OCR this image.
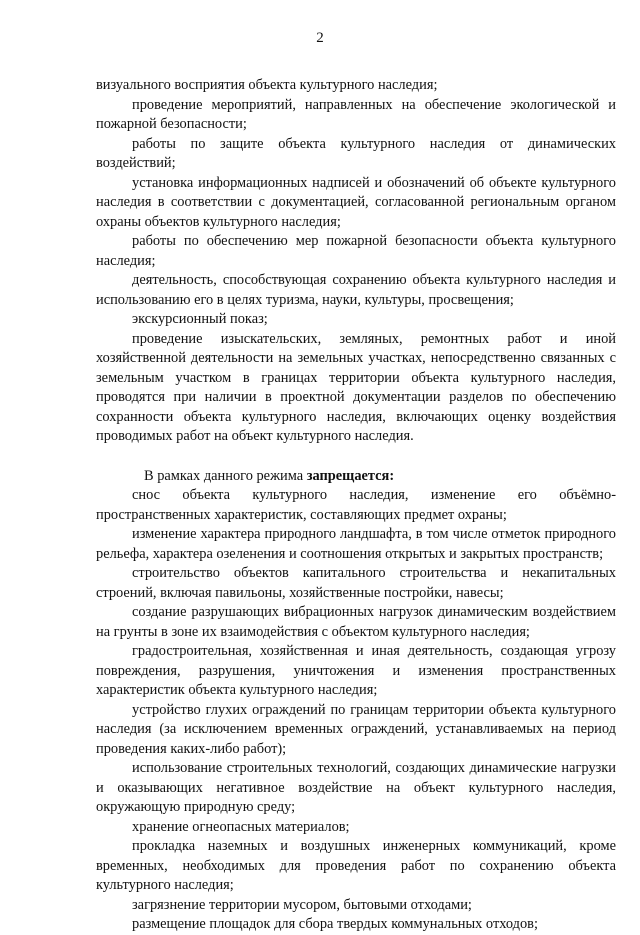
2

визуального восприятия объекта культурного наследия;

проведение мероприятий, направленных на обеспечение экологической и пожарной безопасности;

работы по защите объекта культурного наследия от динамических воздействий;

установка информационных надписей и обозначений об объекте культурного наследия в соответствии с документацией, согласованной региональным органом охраны объектов культурного наследия;

работы по обеспечению мер пожарной безопасности объекта культурного наследия;

деятельность, способствующая сохранению объекта культурного наследия и использованию его в целях туризма, науки, культуры, просвещения;

экскурсионный показ;

проведение изыскательских, земляных, ремонтных работ и иной хозяйственной деятельности на земельных участках, непосредственно связанных с земельным участком в границах территории объекта культурного наследия, проводятся при наличии в проектной документации разделов по обеспечению сохранности объекта культурного наследия, включающих оценку воздействия проводимых работ на объект культурного наследия.

В рамках данного режима запрещается:

снос объекта культурного наследия, изменение его объёмно-пространственных характеристик, составляющих предмет охраны;

изменение характера природного ландшафта, в том числе отметок природного рельефа, характера озеленения и соотношения открытых и закрытых пространств;

строительство объектов капитального строительства и некапитальных строений, включая павильоны, хозяйственные постройки, навесы;

создание разрушающих вибрационных нагрузок динамическим воздействием на грунты в зоне их взаимодействия с объектом культурного наследия;

градостроительная, хозяйственная и иная деятельность, создающая угрозу повреждения, разрушения, уничтожения и изменения пространственных характеристик объекта культурного наследия;

устройство глухих ограждений по границам территории объекта культурного наследия (за исключением временных ограждений, устанавливаемых на период проведения каких-либо работ);

использование строительных технологий, создающих динамические нагрузки и оказывающих негативное воздействие на объект культурного наследия, окружающую природную среду;

хранение огнеопасных материалов;

прокладка наземных и воздушных инженерных коммуникаций, кроме временных, необходимых для проведения работ по сохранению объекта культурного наследия;

загрязнение территории мусором, бытовыми отходами;

размещение площадок для сбора твердых коммунальных отходов;
